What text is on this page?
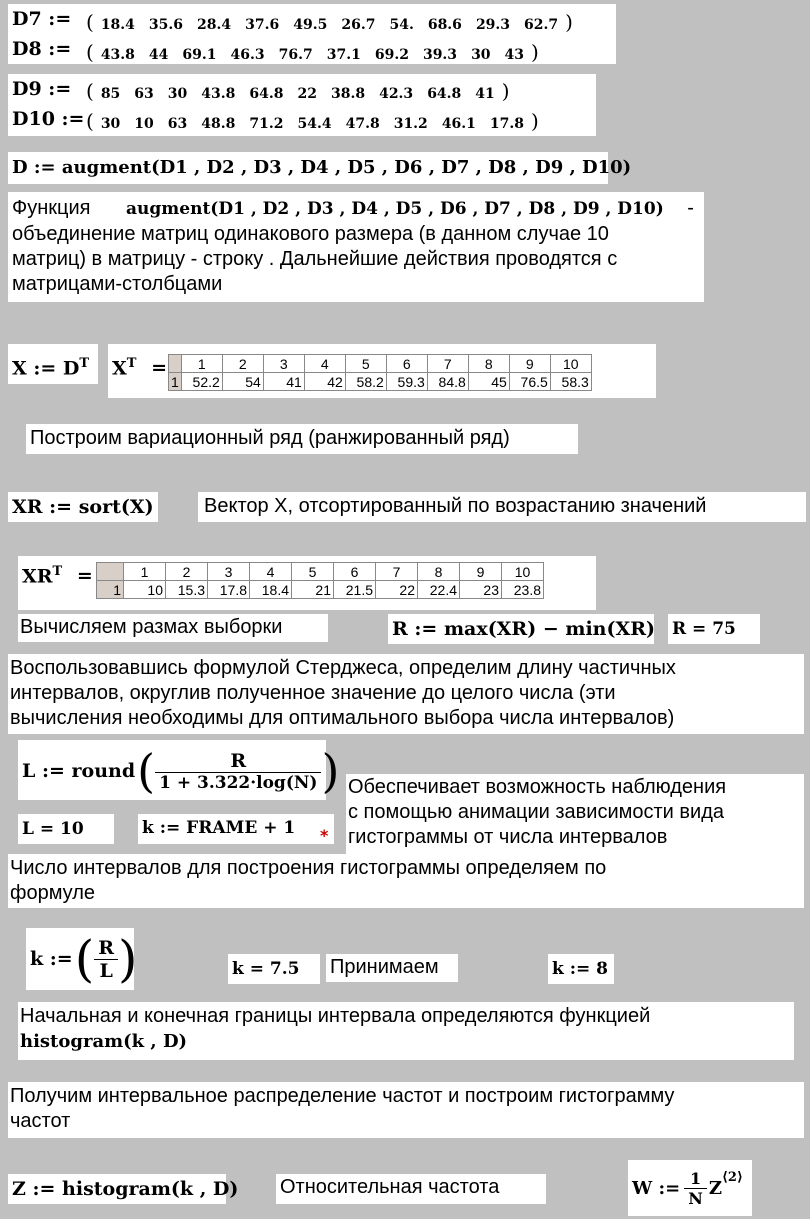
D7 := ( 18.4 35.6 28.4 37.6 49.5 26.7 54. 68.6 29.3 62.7 )
D8 := ( 43.8 44 69.1 46.3 76.7 37.1 69.2 39.3 30 43 )
D9 := ( 85 63 30 43.8 64.8 22 38.8 42.3 64.8 41 )
D10 := ( 30 10 63 48.8 71.2 54.4 47.8 31.2 46.1 17.8 )
D := augment(D1 , D2 , D3 , D4 , D5 , D6 , D7 , D8 , D9 , D10)
Функция augment(D1 , D2 , D3 , D4 , D5 , D6 , D7 , D8 , D9 , D10) -
объединение матриц одинакового размера (в данном случае 10
матриц) в матрицу - строку . Дальнейшие действия проводятся с
матрицами-столбцами
X := $D^T$ $X^T$ =
	1	2	3	4	5	6	7	8	9	10
1	52.2	54	41	42	58.2	59.3	84.8	45	76.5	58.3
Построим вариационный ряд (ранжированный ряд)
XR := sort(X)	Вектор X, отсортированный по возрастанию значений
$XR^T$ =
		1	2	3	4	5	6	7	8	9	10
1	10	15.3	17.8	18.4	21	21.5	22	22.4	23	23.8
Вычисляем размах выборки	R := max(XR) − min(XR) R = 75
Воспользовавшись формулой Стерджеса, определим длину частичных
интервалов, округлив полученное значение до целого числа (эти
вычисления необходимы для оптимального выбора числа интервалов)
L := round ( $\frac{R}{1 + 3.322\cdot\log(N)}$ ) Обеспечивает возможность наблюдения
с помощью анимации зависимости вида
гистограммы от числа интервалов
L = 10	k := FRAME + 1 *
Число интервалов для построения гистограммы определяем по
формуле
k := ( $\frac{R}{L}$ )	k = 7.5 Принимаем	k := 8
Начальная и конечная границы интервала определяются функцией
histogram(k , D)
Получим интервальное распределение частот и построим гистограмму
частот
Z := histogram(k , D) Относительная частота	W := $\frac{1}{N} Z^{⟨2⟩}$
